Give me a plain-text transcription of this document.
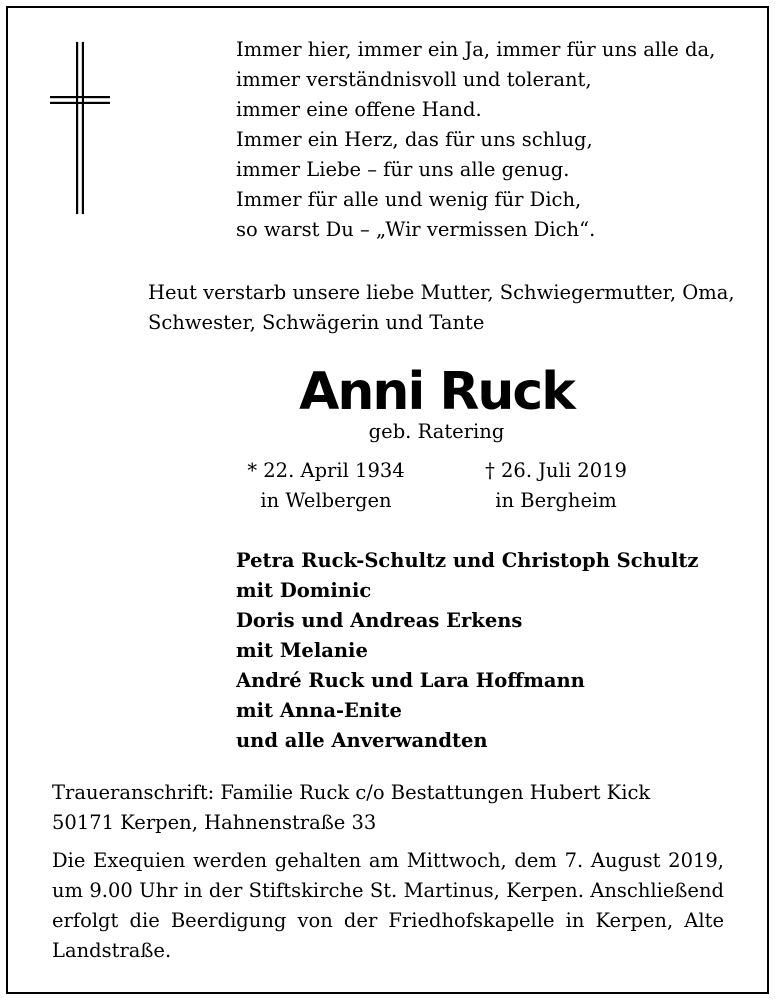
Immer hier, immer ein Ja, immer für uns alle da,
immer verständnisvoll und tolerant,
immer eine offene Hand.
Immer ein Herz, das für uns schlug,
immer Liebe – für uns alle genug.
Immer für alle und wenig für Dich,
so warst Du – „Wir vermissen Dich“.
Heut verstarb unsere liebe Mutter, Schwiegermutter, Oma,
Schwester, Schwägerin und Tante
Anni Ruck
geb. Ratering
* 22. April 1934
in Welbergen
† 26. Juli 2019
in Bergheim
Petra Ruck-Schultz und Christoph Schultz
mit Dominic
Doris und Andreas Erkens
mit Melanie
André Ruck und Lara Hoffmann
mit Anna-Enite
und alle Anverwandten
Traueranschrift: Familie Ruck c/o Bestattungen Hubert Kick
50171 Kerpen, Hahnenstraße 33

Die Exequien werden gehalten am Mittwoch, dem 7. August 2019, um 9.00 Uhr in der Stiftskirche St. Martinus, Kerpen. Anschließend erfolgt die Beerdigung von der Friedhofskapelle in Kerpen, Alte Landstraße.
